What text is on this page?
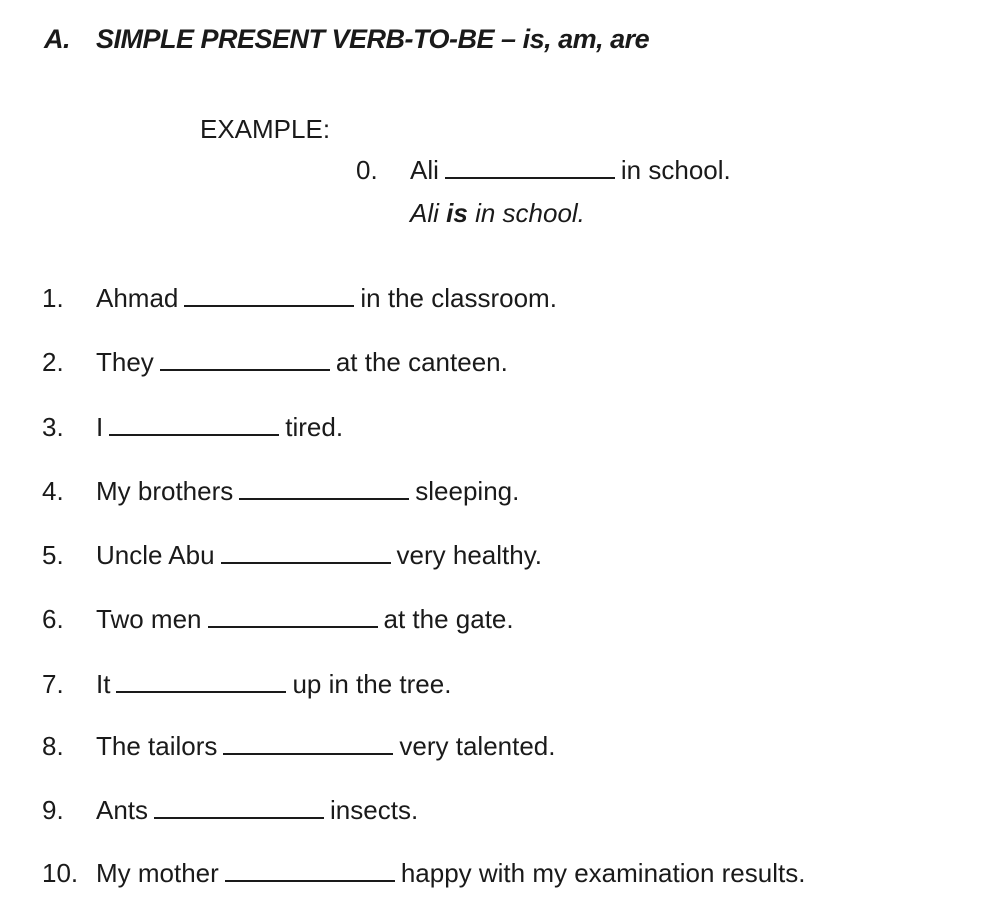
A. SIMPLE PRESENT VERB-TO-BE – is, am, are
EXAMPLE:
0. Ali	in school.
Ali is in school.
1. Ahmad	in the classroom.
2. They	at the canteen.
3. I	tired.
4. My brothers	sleeping.
5. Uncle Abu	very healthy.
6. Two men	at the gate.
7. It	up in the tree.
8. The tailors	very talented.
9. Ants	insects.
10. My mother	happy with my examination results.
